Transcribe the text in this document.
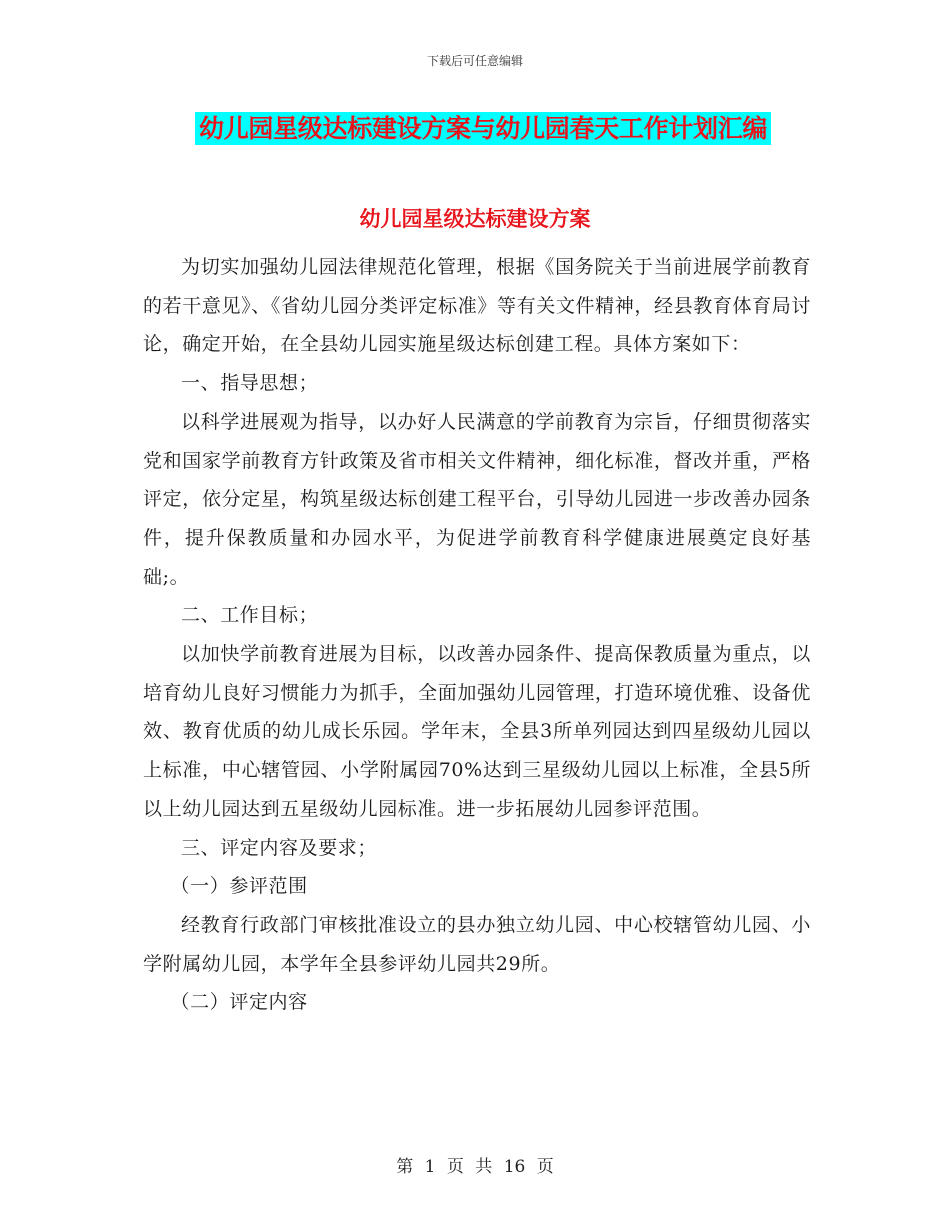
下载后可任意编辑
幼儿园星级达标建设方案与幼儿园春天工作计划汇编
幼儿园星级达标建设方案

为切实加强幼儿园法律规范化管理，根据《国务院关于当前进展学前教育的若干意见》、《省幼儿园分类评定标准》等有关文件精神，经县教育体育局讨论，确定开始，在全县幼儿园实施星级达标创建工程。具体方案如下：

一、指导思想；

以科学进展观为指导，以办好人民满意的学前教育为宗旨，仔细贯彻落实党和国家学前教育方针政策及省市相关文件精神，细化标准，督改并重，严格评定，依分定星，构筑星级达标创建工程平台，引导幼儿园进一步改善办园条件，提升保教质量和办园水平，为促进学前教育科学健康进展奠定良好基础;。

二、工作目标；

以加快学前教育进展为目标，以改善办园条件、提高保教质量为重点，以培育幼儿良好习惯能力为抓手，全面加强幼儿园管理，打造环境优雅、设备优效、教育优质的幼儿成长乐园。学年末，全县3所单列园达到四星级幼儿园以上标准，中心辖管园、小学附属园70%达到三星级幼儿园以上标准，全县5所以上幼儿园达到五星级幼儿园标准。进一步拓展幼儿园参评范围。

三、评定内容及要求；

（一）参评范围

经教育行政部门审核批准设立的县办独立幼儿园、中心校辖管幼儿园、小学附属幼儿园，本学年全县参评幼儿园共29所。

（二）评定内容

第 1 页 共 16 页
